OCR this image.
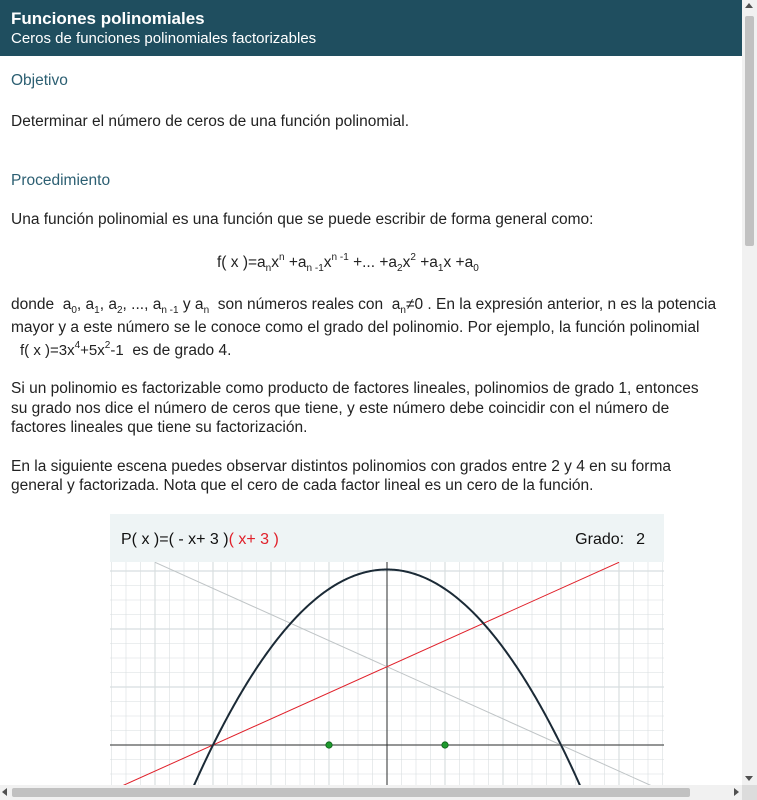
Funciones polinomiales
Ceros de funciones polinomiales factorizables
Objetivo
Determinar el número de ceros de una función polinomial.
Procedimiento
Una función polinomial es una función que se puede escribir de forma general como:
f( x )$=a_nx^n +a_{n -1}x^{n -1}$ +... $+a_2x^2 +a_1x +a_0$
donde $a_0$, $a_1$, $a_2$, ..., $a_{n -1}$ y $a_n$ son números reales con $a_n\ne 0$ . En la expresión anterior, n es la potencia
mayor y a este número se le conoce como el grado del polinomio. Por ejemplo, la función polinomial
f( x )$=3x^4+5x^2-1$ es de grado 4.
Si un polinomio es factorizable como producto de factores lineales, polinomios de grado 1, entonces
su grado nos dice el número de ceros que tiene, y este número debe coincidir con el número de
factores lineales que tiene su factorización.
En la siguiente escena puedes observar distintos polinomios con grados entre 2 y 4 en su forma
general y factorizada. Nota que el cero de cada factor lineal es un cero de la función.
P( x )=( - x+ 3 )( x+ 3 )	Grado: 2
